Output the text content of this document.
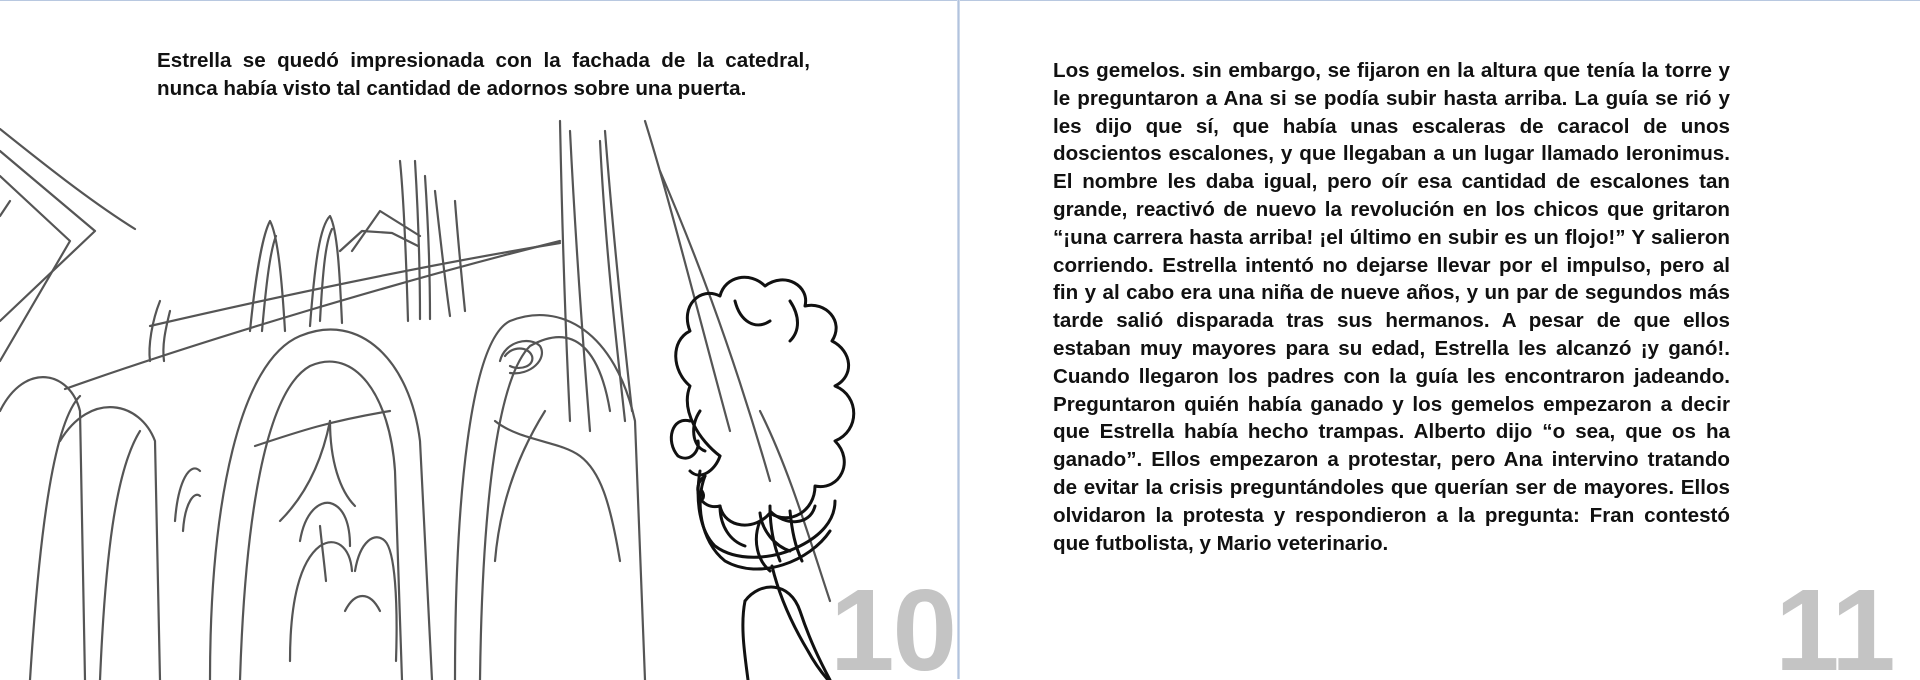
Estrella se quedó impresionada con la fachada de la catedral, nunca había visto tal cantidad de adornos sobre una puerta.

10

Los gemelos. sin embargo, se fijaron en la altura que tenía la torre y le preguntaron a Ana si se podía subir hasta arriba. La guía se rió y les dijo que sí, que había unas escaleras de caracol de unos doscientos escalones, y que llegaban a un lugar llamado Ieronimus. El nombre les daba igual, pero oír esa cantidad de escalones tan grande, reactivó de nuevo la revolución en los chicos que gritaron “¡una carrera hasta arriba! ¡el último en subir es un flojo!” Y salieron corriendo. Estrella intentó no dejarse llevar por el impulso, pero al fin y al cabo era una niña de nueve años, y un par de segundos más tarde salió disparada tras sus hermanos. A pesar de que ellos estaban muy mayores para su edad, Estrella les alcanzó ¡y ganó!. Cuando llegaron los padres con la guía les encontraron jadeando. Preguntaron quién había ganado y los gemelos empezaron a decir que Estrella había hecho trampas. Alberto dijo “o sea, que os ha ganado”. Ellos empezaron a protestar, pero Ana intervino tratando de evitar la crisis preguntándoles que querían ser de mayores. Ellos olvidaron la protesta y respondieron a la pregunta: Fran contestó que futbolista, y Mario veterinario.

11
